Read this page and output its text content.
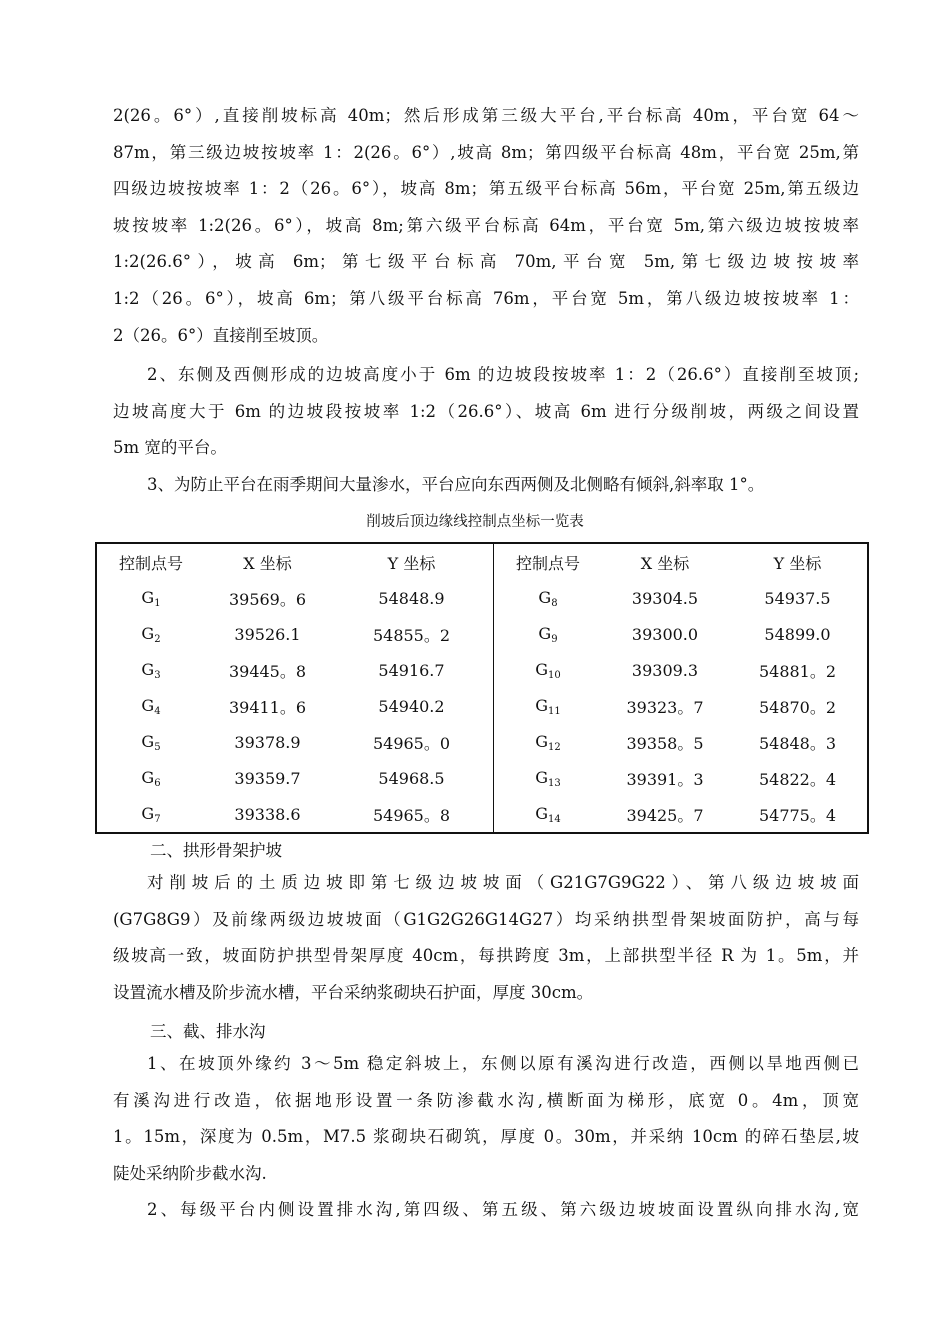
2(26。6°）,直接削坡标高 40m；然后形成第三级大平台,平台标高 40m，平台宽 64～
87m，第三级边坡按坡率 1：2(26。6°）,坡高 8m；第四级平台标高 48m，平台宽 25m,第
四级边坡按坡率 1：2（26。6°），坡高 8m；第五级平台标高 56m，平台宽 25m,第五级边
坡按坡率 1:2(26。6°），坡高 8m;第六级平台标高 64m，平台宽 5m,第六级边坡按坡率
1:2(26.6°），坡高 6m；第七级平台标高 70m,平台宽 5m,第七级边坡按坡率
1:2（26。6°），坡高 6m；第八级平台标高 76m，平台宽 5m，第八级边坡按坡率 1：
2（26。6°）直接削至坡顶。
2、东侧及西侧形成的边坡高度小于 6m 的边坡段按坡率 1：2（26.6°）直接削至坡顶;
边坡高度大于 6m 的边坡段按坡率 1:2（26.6°）、坡高 6m 进行分级削坡，两级之间设置
5m 宽的平台。
3、为防止平台在雨季期间大量渗水，平台应向东西两侧及北侧略有倾斜,斜率取 1°。
削坡后顶边缘线控制点坐标一览表
控制点号	X 坐标	Y 坐标	控制点号	X 坐标	Y 坐标
$G_1$	39569。6	54848.9	$G_8$	39304.5	54937.5
$G_2$	39526.1	54855。2	$G_9$	39300.0	54899.0
$G_3$	39445。8	54916.7	$G_{10}$	39309.3	54881。2
$G_4$	39411。6	54940.2	$G_{11}$	39323。7	54870。2
$G_5$	39378.9	54965。0	$G_{12}$	39358。5	54848。3
$G_6$	39359.7	54968.5	$G_{13}$	39391。3	54822。4
$G_7$	39338.6	54965。8	$G_{14}$	39425。7	54775。4
二、拱形骨架护坡
对削坡后的土质边坡即第七级边坡坡面（G21G7G9G22）、第八级边坡坡面
(G7G8G9）及前缘两级边坡坡面（G1G2G26G14G27）均采纳拱型骨架坡面防护，高与每
级坡高一致，坡面防护拱型骨架厚度 40cm，每拱跨度 3m，上部拱型半径 R 为 1。5m，并
设置流水槽及阶步流水槽，平台采纳浆砌块石护面，厚度 30cm。
三、截、排水沟
1、在坡顶外缘约 3～5m 稳定斜坡上，东侧以原有溪沟进行改造，西侧以旱地西侧已
有溪沟进行改造，依据地形设置一条防渗截水沟,横断面为梯形，底宽 0。4m，顶宽
1。15m，深度为 0.5m，M7.5 浆砌块石砌筑，厚度 0。30m，并采纳 10cm 的碎石垫层,坡
陡处采纳阶步截水沟.
2、每级平台内侧设置排水沟,第四级、第五级、第六级边坡坡面设置纵向排水沟,宽
